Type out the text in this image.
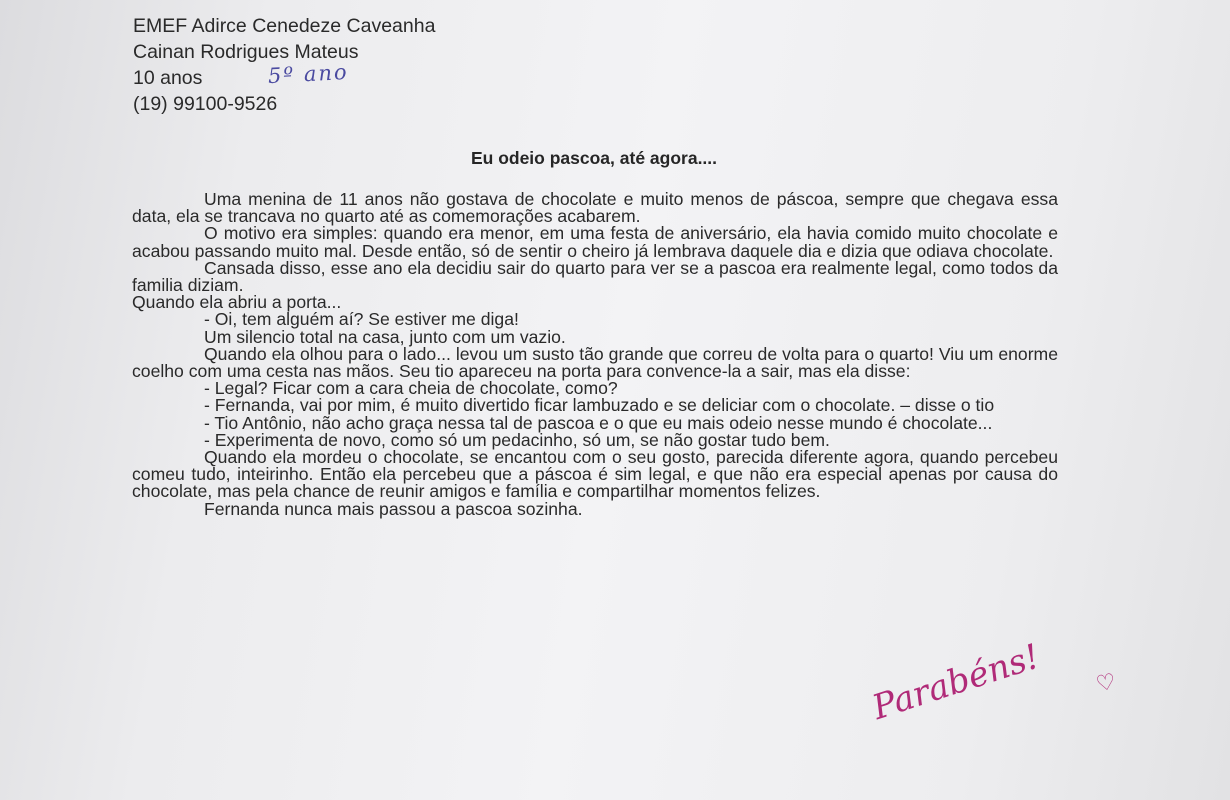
EMEF Adirce Cenedeze Caveanha
Cainan Rodrigues Mateus
10 anos
(19) 99100-9526
5º ano
Eu odeio pascoa, até agora....
Uma menina de 11 anos não gostava de chocolate e muito menos de páscoa, sempre que chegava essa data, ela se trancava no quarto até as comemorações acabarem.
O motivo era simples: quando era menor, em uma festa de aniversário, ela havia comido muito chocolate e acabou passando muito mal. Desde então, só de sentir o cheiro já lembrava daquele dia e dizia que odiava chocolate.
Cansada disso, esse ano ela decidiu sair do quarto para ver se a pascoa era realmente legal, como todos da familia diziam.
Quando ela abriu a porta...
- Oi, tem alguém aí? Se estiver me diga!
Um silencio total na casa, junto com um vazio.
Quando ela olhou para o lado... levou um susto tão grande que correu de volta para o quarto! Viu um enorme coelho com uma cesta nas mãos. Seu tio apareceu na porta para convence-la a sair, mas ela disse:
- Legal? Ficar com a cara cheia de chocolate, como?
- Fernanda, vai por mim, é muito divertido ficar lambuzado e se deliciar com o chocolate. – disse o tio
- Tio Antônio, não acho graça nessa tal de pascoa e o que eu mais odeio nesse mundo é chocolate...
- Experimenta de novo, como só um pedacinho, só um, se não gostar tudo bem.
Quando ela mordeu o chocolate, se encantou com o seu gosto, parecida diferente agora, quando percebeu comeu tudo, inteirinho. Então ela percebeu que a páscoa é sim legal, e que não era especial apenas por causa do chocolate, mas pela chance de reunir amigos e família e compartilhar momentos felizes.
Fernanda nunca mais passou a pascoa sozinha.
Parabéns! ♡
